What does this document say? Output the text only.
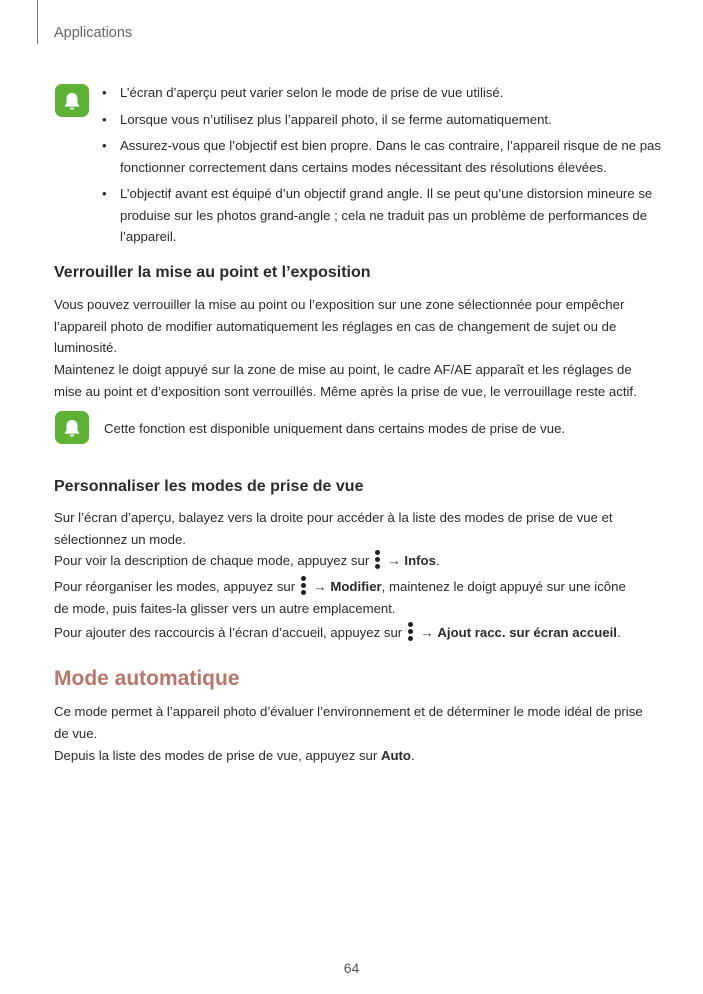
Applications
• L’écran d’aperçu peut varier selon le mode de prise de vue utilisé.
• Lorsque vous n’utilisez plus l’appareil photo, il se ferme automatiquement.
• Assurez-vous que l’objectif est bien propre. Dans le cas contraire, l’appareil risque de ne pas fonctionner correctement dans certains modes nécessitant des résolutions élevées.
• L’objectif avant est équipé d’un objectif grand angle. Il se peut qu’une distorsion mineure se produise sur les photos grand-angle ; cela ne traduit pas un problème de performances de l’appareil.
Verrouiller la mise au point et l’exposition

Vous pouvez verrouiller la mise au point ou l’exposition sur une zone sélectionnée pour empêcher l’appareil photo de modifier automatiquement les réglages en cas de changement de sujet ou de luminosité.

Maintenez le doigt appuyé sur la zone de mise au point, le cadre AF/AE apparaît et les réglages de mise au point et d’exposition sont verrouillés. Même après la prise de vue, le verrouillage reste actif.

Cette fonction est disponible uniquement dans certains modes de prise de vue.
Personnaliser les modes de prise de vue

Sur l’écran d’aperçu, balayez vers la droite pour accéder à la liste des modes de prise de vue et sélectionnez un mode.

Pour voir la description de chaque mode, appuyez sur → Infos.

Pour réorganiser les modes, appuyez sur → Modifier, maintenez le doigt appuyé sur une icône de mode, puis faites-la glisser vers un autre emplacement.

Pour ajouter des raccourcis à l’écran d’accueil, appuyez sur → Ajout racc. sur écran accueil.

Mode automatique

Ce mode permet à l’appareil photo d’évaluer l’environnement et de déterminer le mode idéal de prise de vue.

Depuis la liste des modes de prise de vue, appuyez sur Auto.

64
